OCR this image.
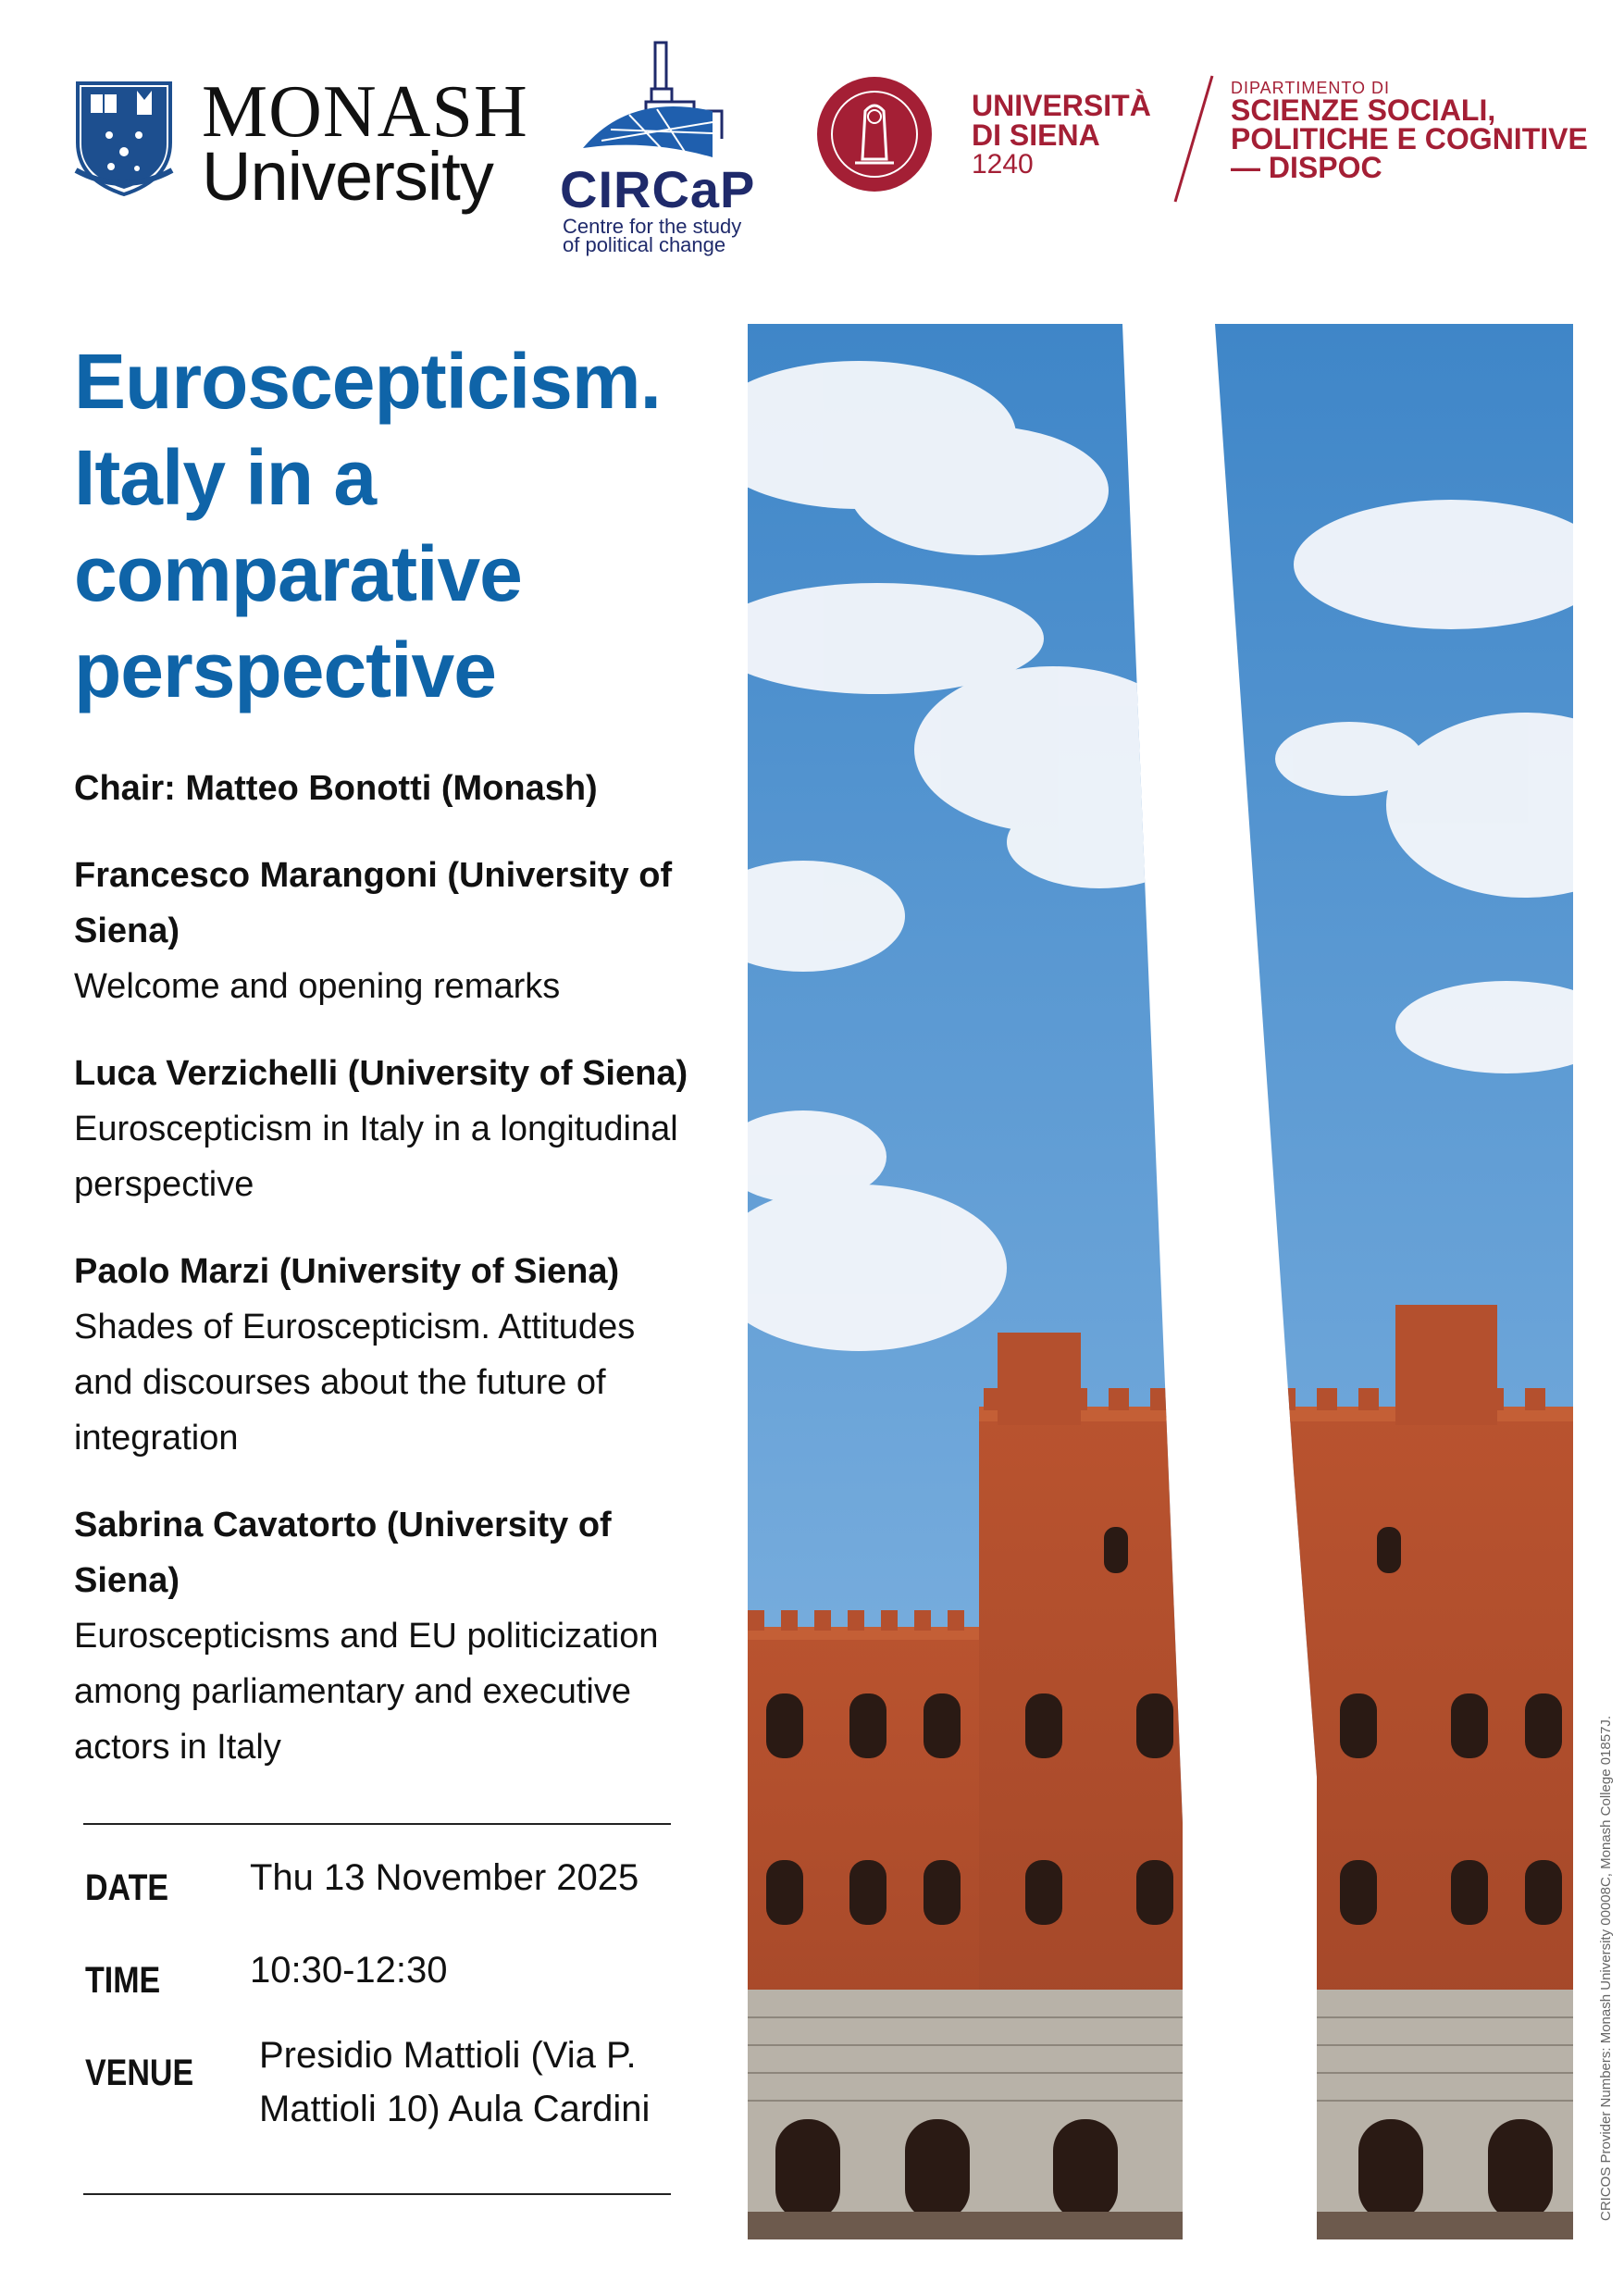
MONASH
University CIRCaP
Centre for the study
of political change
UNIVERSITÀ
DI SIENA
1240
DIPARTIMENTO DI
SCIENZE SOCIALI,
POLITICHE E COGNITIVE
— DISPOC
Euroscepticism.
Italy in a
comparative
perspective

Chair: Matteo Bonotti (Monash)

Francesco Marangoni (University of

Siena)

Welcome and opening remarks

Luca Verzichelli (University of Siena)

Euroscepticism in Italy in a longitudinal

perspective

Paolo Marzi (University of Siena)

Shades of Euroscepticism. Attitudes

and discourses about the future of

integration

Sabrina Cavatorto (University of

Siena)

Euroscepticisms and EU politicization

among parliamentary and executive

actors in Italy

DATE Thu 13 November 2025
TIME 10:30-12:30
VENUE Presidio Mattioli (Via P.
Mattioli 10) Aula Cardini	CRICOS Provider Numbers: Monash University 00008C, Monash College 01857J.
